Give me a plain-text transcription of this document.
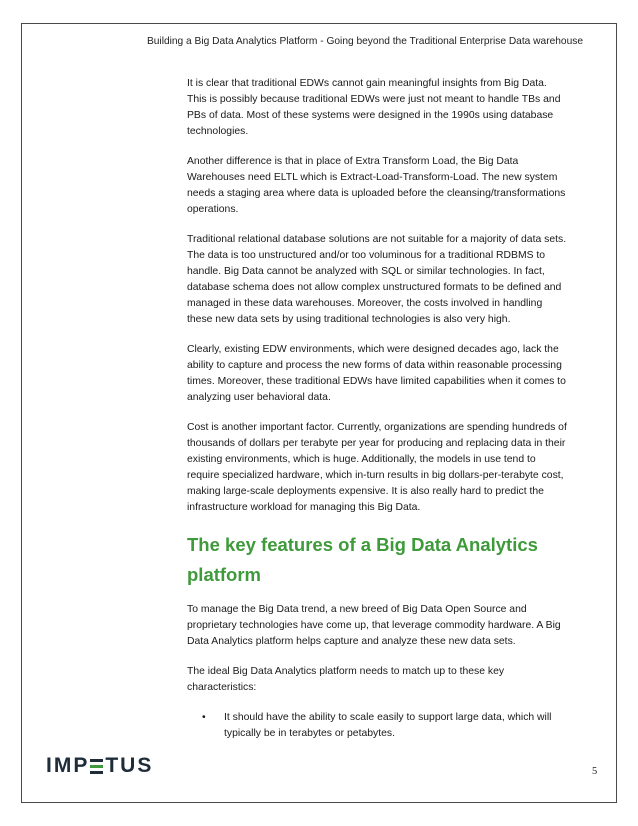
Building a Big Data Analytics Platform - Going beyond the Traditional Enterprise Data warehouse

It is clear that traditional EDWs cannot gain meaningful insights from Big Data. This is possibly because traditional EDWs were just not meant to handle TBs and PBs of data. Most of these systems were designed in the 1990s using database technologies.

Another difference is that in place of Extra Transform Load, the Big Data Warehouses need ELTL which is Extract-Load-Transform-Load. The new system needs a staging area where data is uploaded before the cleansing/transformations operations.

Traditional relational database solutions are not suitable for a majority of data sets. The data is too unstructured and/or too voluminous for a traditional RDBMS to handle. Big Data cannot be analyzed with SQL or similar technologies. In fact, database schema does not allow complex unstructured formats to be defined and managed in these data warehouses. Moreover, the costs involved in handling these new data sets by using traditional technologies is also very high.

Clearly, existing EDW environments, which were designed decades ago, lack the ability to capture and process the new forms of data within reasonable processing times. Moreover, these traditional EDWs have limited capabilities when it comes to analyzing user behavioral data.

Cost is another important factor. Currently, organizations are spending hundreds of thousands of dollars per terabyte per year for producing and replacing data in their existing environments, which is huge. Additionally, the models in use tend to require specialized hardware, which in-turn results in big dollars-per-terabyte cost, making large-scale deployments expensive. It is also really hard to predict the infrastructure workload for managing this Big Data.

The key features of a Big Data Analytics platform

To manage the Big Data trend, a new breed of Big Data Open Source and proprietary technologies have come up, that leverage commodity hardware. A Big Data Analytics platform helps capture and analyze these new data sets.

The ideal Big Data Analytics platform needs to match up to these key characteristics:

• It should have the ability to scale easily to support large data, which will typically be in terabytes or petabytes.
IMP TUS	5
